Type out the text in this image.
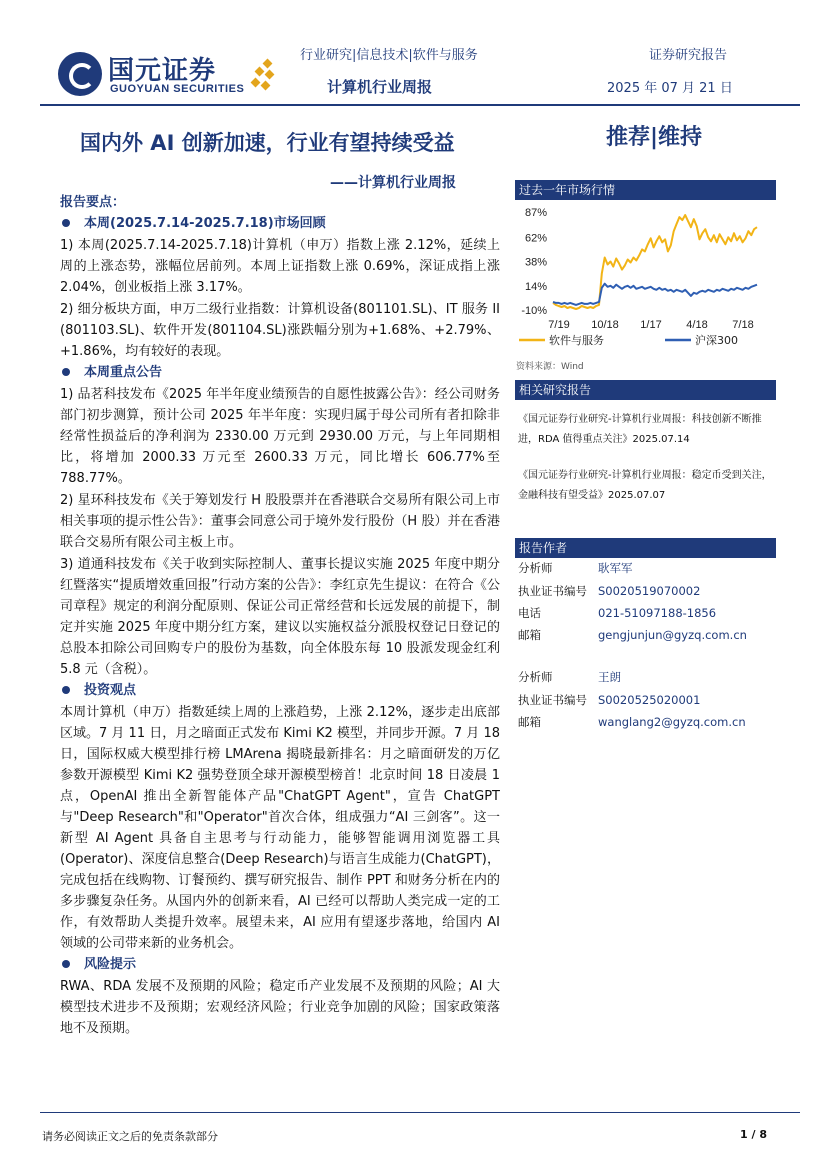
国元证券
GUOYUAN SECURITIES
行业研究|信息技术|软件与服务	证券研究报告
计算机行业周报	2025 年 07 月 21 日
国内外 AI 创新加速，行业有望持续受益
——计算机行业周报
推荐|维持
报告要点：
本周(2025.7.14-2025.7.18)市场回顾
1) 本周(2025.7.14-2025.7.18)计算机（申万）指数上涨 2.12%，延续上周的上涨态势，涨幅位居前列。本周上证指数上涨 0.69%，深证成指上涨 2.04%，创业板指上涨 3.17%。
2) 细分板块方面，申万二级行业指数：计算机设备(801101.SL)、IT 服务 II (801103.SL)、软件开发(801104.SL)涨跌幅分别为+1.68%、+2.79%、+1.86%，均有较好的表现。
本周重点公告
1) 品茗科技发布《2025 年半年度业绩预告的自愿性披露公告》：经公司财务部门初步测算，预计公司 2025 年半年度：实现归属于母公司所有者扣除非经常性损益后的净利润为 2330.00 万元到 2930.00 万元，与上年同期相比，将增加 2000.33 万元至 2600.33 万元，同比增长 606.77%至 788.77%。
2) 星环科技发布《关于筹划发行 H 股股票并在香港联合交易所有限公司上市相关事项的提示性公告》：董事会同意公司于境外发行股份（H 股）并在香港联合交易所有限公司主板上市。
3) 道通科技发布《关于收到实际控制人、董事长提议实施 2025 年度中期分红暨落实“提质增效重回报”行动方案的公告》：李红京先生提议：在符合《公司章程》规定的利润分配原则、保证公司正常经营和长远发展的前提下，制定并实施 2025 年度中期分红方案，建议以实施权益分派股权登记日登记的总股本扣除公司回购专户的股份为基数，向全体股东每 10 股派发现金红利 5.8 元（含税）。
投资观点
本周计算机（申万）指数延续上周的上涨趋势，上涨 2.12%，逐步走出底部区域。7 月 11 日，月之暗面正式发布 Kimi K2 模型，并同步开源。7 月 18 日，国际权威大模型排行榜 LMArena 揭晓最新排名：月之暗面研发的万亿参数开源模型 Kimi K2 强势登顶全球开源模型榜首！北京时间 18 日凌晨 1 点，OpenAI 推出全新智能体产品"ChatGPT Agent"，宣告 ChatGPT 与"Deep Research"和"Operator"首次合体，组成强力“AI 三剑客”。这一新型 AI Agent 具备自主思考与行动能力，能够智能调用浏览器工具(Operator)、深度信息整合(Deep Research)与语言生成能力(ChatGPT)，完成包括在线购物、订餐预约、撰写研究报告、制作 PPT 和财务分析在内的多步骤复杂任务。从国内外的创新来看，AI 已经可以帮助人类完成一定的工作，有效帮助人类提升效率。展望未来，AI 应用有望逐步落地，给国内 AI 领域的公司带来新的业务机会。
风险提示
RWA、RDA 发展不及预期的风险；稳定币产业发展不及预期的风险；AI 大模型技术进步不及预期；宏观经济风险；行业竞争加剧的风险；国家政策落地不及预期。
过去一年市场行情
87%
62%
38%
14%
-10%
7/19 10/18 1/17 4/18 7/18
软件与服务	沪深300
资料来源：Wind
相关研究报告
《国元证券行业研究-计算机行业周报：科技创新不断推进，RDA 值得重点关注》2025.07.14
《国元证券行业研究-计算机行业周报：稳定币受到关注，金融科技有望受益》2025.07.07
报告作者
分析师	耿军军
执业证书编号 S0020519070002
电话	021-51097188-1856
邮箱	gengjunjun@gyzq.com.cn
分析师	王朗
执业证书编号 S0020525020001
邮箱	wanglang2@gyzq.com.cn
请务必阅读正文之后的免责条款部分	1 / 8
